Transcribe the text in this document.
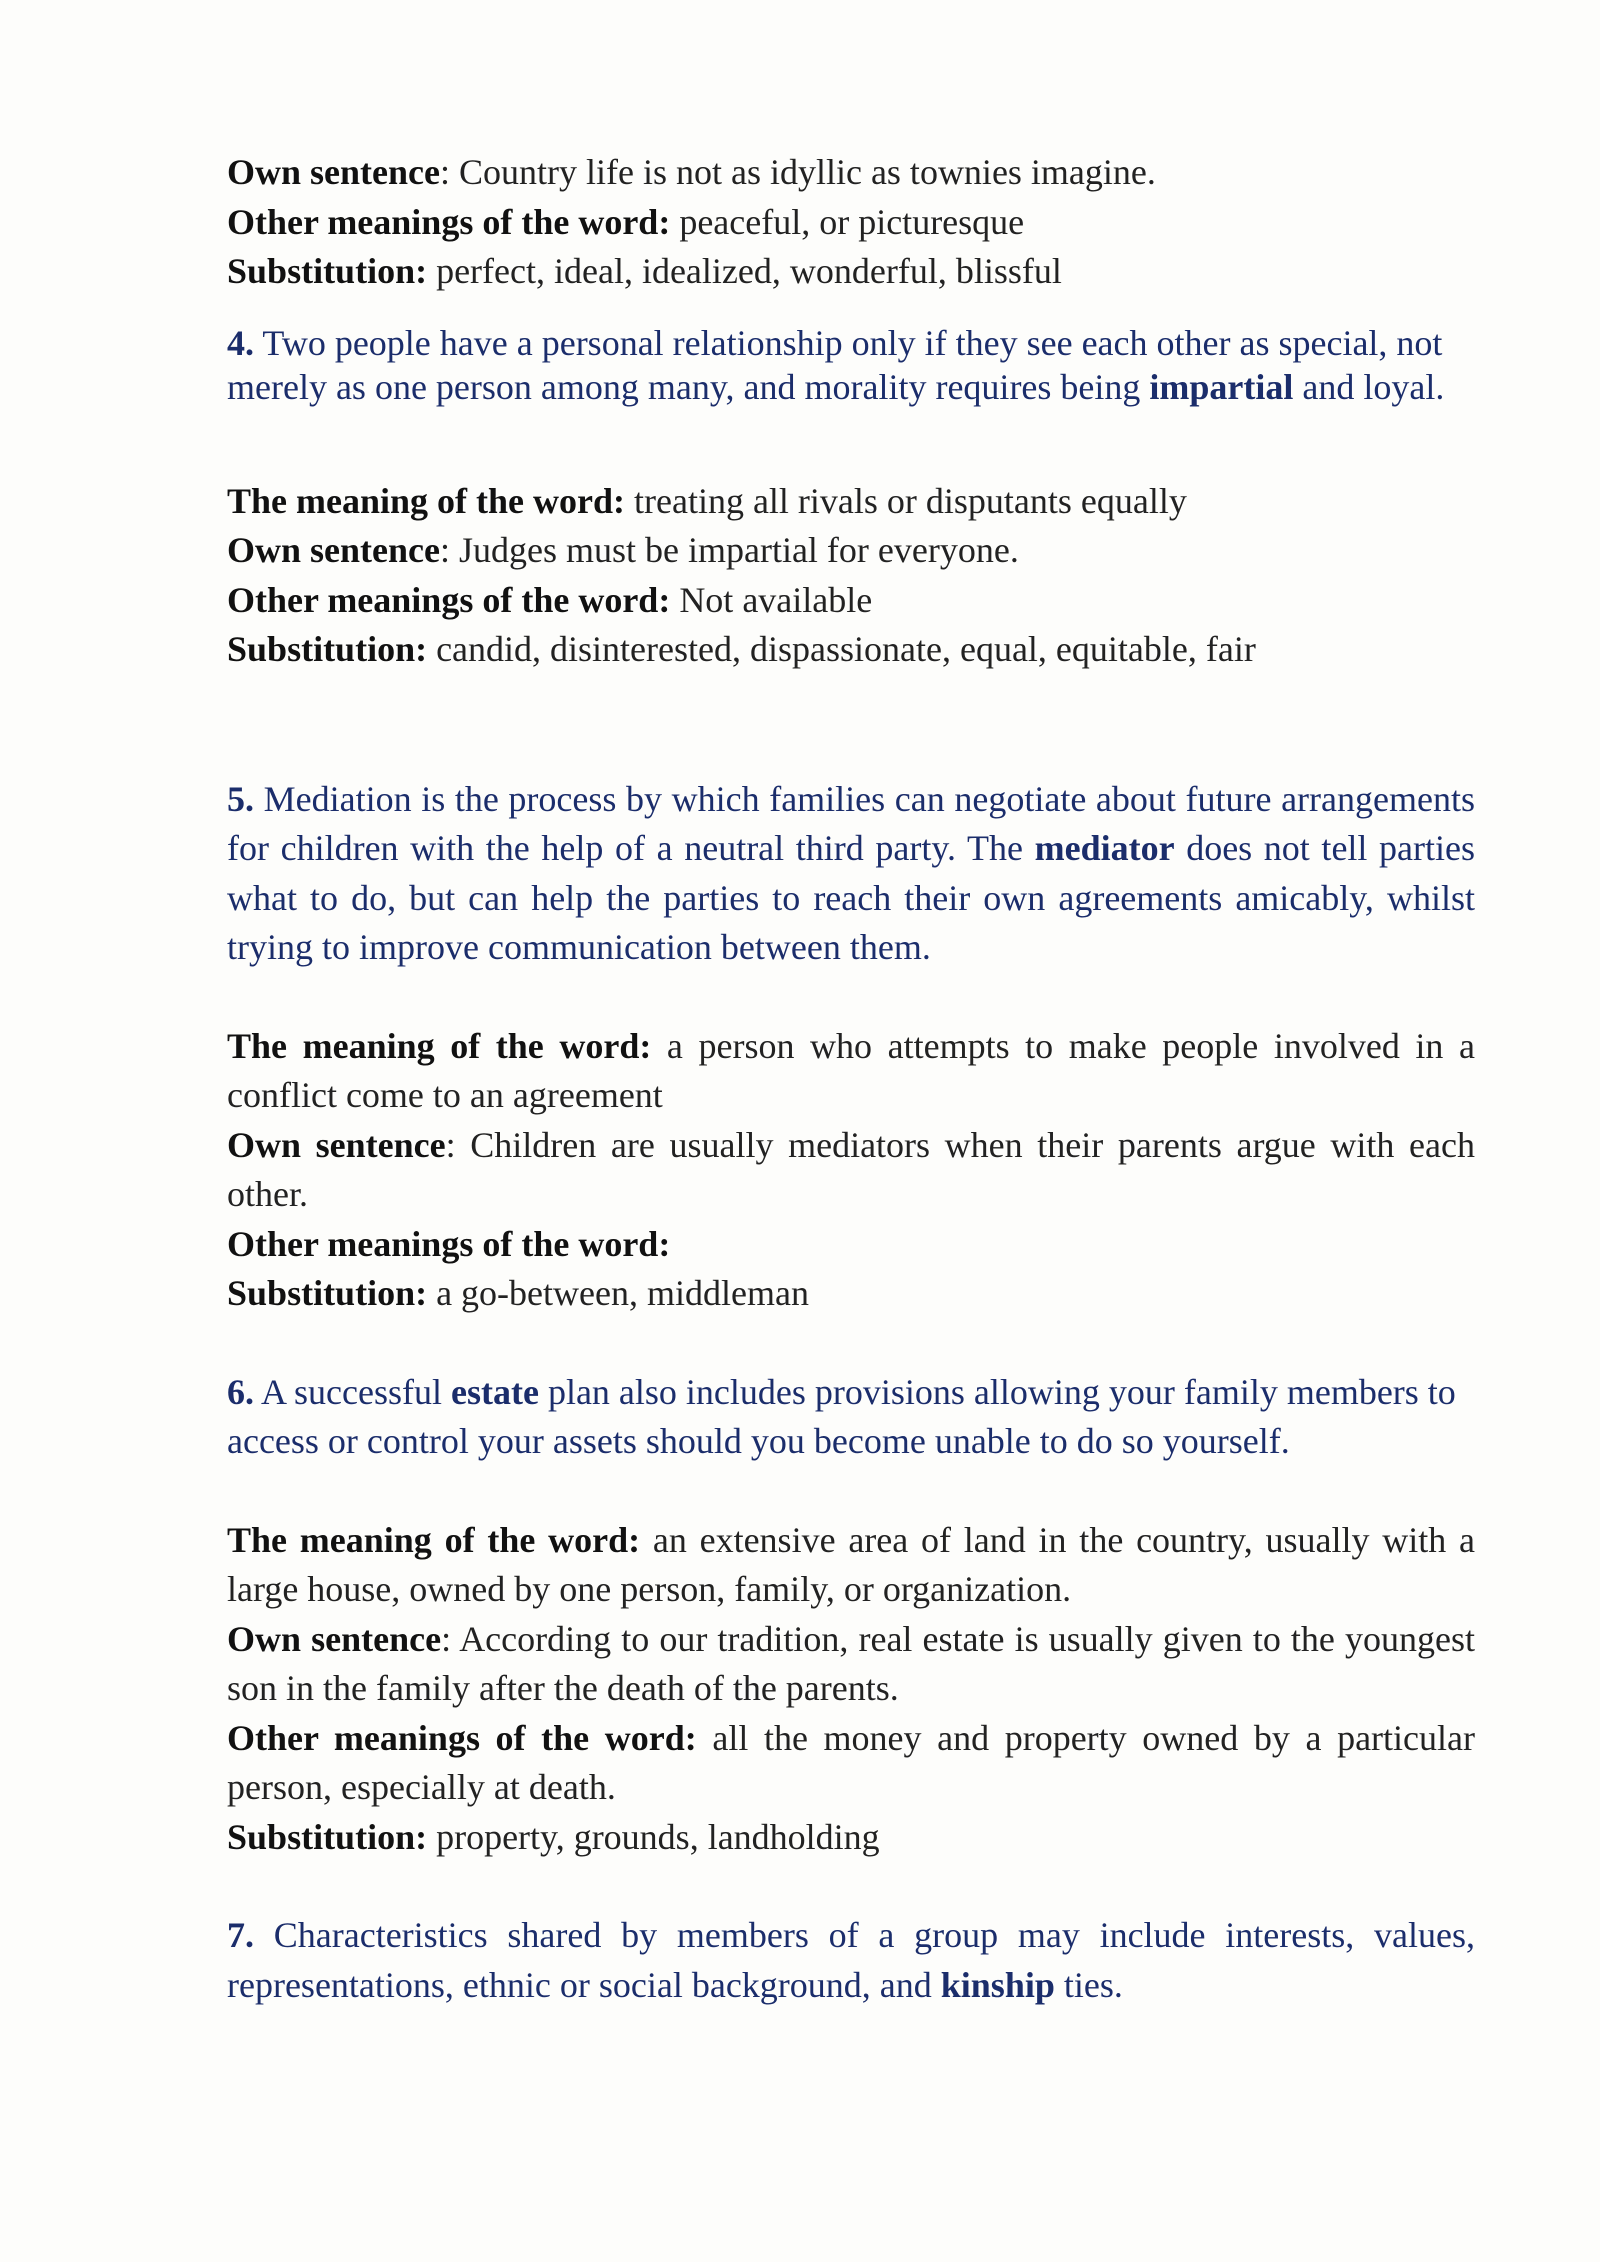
Own sentence: Country life is not as idyllic as townies imagine.

Other meanings of the word: peaceful, or picturesque

Substitution: perfect, ideal, idealized, wonderful, blissful

4. Two people have a personal relationship only if they see each other as special, not merely as one person among many, and morality requires being impartial and loyal.

The meaning of the word: treating all rivals or disputants equally

Own sentence: Judges must be impartial for everyone.

Other meanings of the word: Not available

Substitution: candid, disinterested, dispassionate, equal, equitable, fair

5. Mediation is the process by which families can negotiate about future arrangements for children with the help of a neutral third party. The mediator does not tell parties what to do, but can help the parties to reach their own agreements amicably, whilst trying to improve communication between them.

The meaning of the word: a person who attempts to make people involved in a conflict come to an agreement

Own sentence: Children are usually mediators when their parents argue with each other.

Other meanings of the word:

Substitution: a go-between, middleman

6. A successful estate plan also includes provisions allowing your family members to access or control your assets should you become unable to do so yourself.

The meaning of the word: an extensive area of land in the country, usually with a large house, owned by one person, family, or organization.

Own sentence: According to our tradition, real estate is usually given to the youngest son in the family after the death of the parents.

Other meanings of the word: all the money and property owned by a particular person, especially at death.

Substitution: property, grounds, landholding

7. Characteristics shared by members of a group may include interests, values, representations, ethnic or social background, and kinship ties.
